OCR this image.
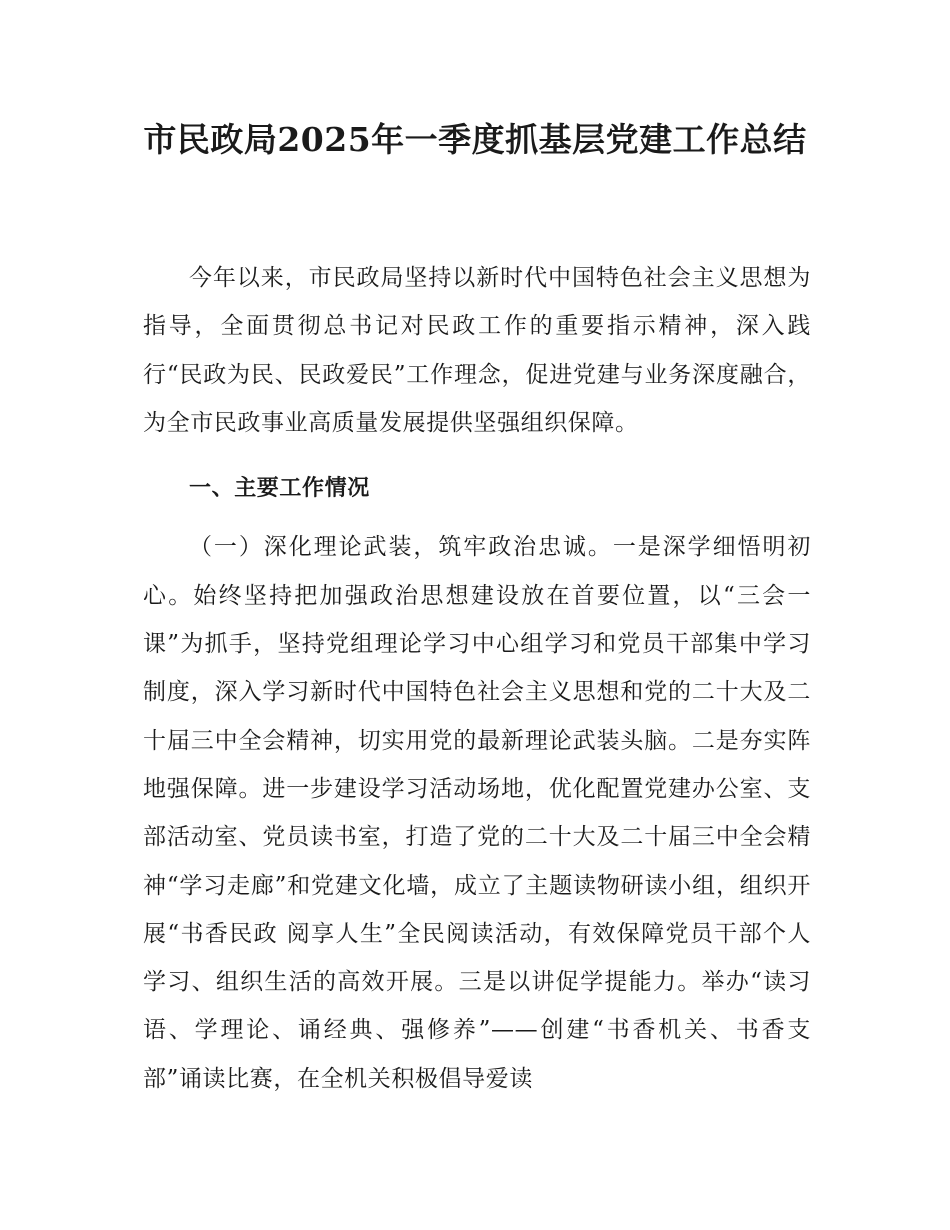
市民政局2025年一季度抓基层党建工作总结

今年以来，市民政局坚持以新时代中国特色社会主义思想为指导，全面贯彻总书记对民政工作的重要指示精神，深入践行“民政为民、民政爱民”工作理念，促进党建与业务深度融合，为全市民政事业高质量发展提供坚强组织保障。

一、主要工作情况

（一）深化理论武装，筑牢政治忠诚。一是深学细悟明初心。始终坚持把加强政治思想建设放在首要位置，以“三会一课”为抓手，坚持党组理论学习中心组学习和党员干部集中学习制度，深入学习新时代中国特色社会主义思想和党的二十大及二十届三中全会精神，切实用党的最新理论武装头脑。二是夯实阵地强保障。进一步建设学习活动场地，优化配置党建办公室、支部活动室、党员读书室，打造了党的二十大及二十届三中全会精神“学习走廊”和党建文化墙，成立了主题读物研读小组，组织开展“书香民政 阅享人生”全民阅读活动，有效保障党员干部个人学习、组织生活的高效开展。三是以讲促学提能力。举办“读习语、学理论、诵经典、强修养”——创建“书香机关、书香支部”诵读比赛，在全机关积极倡导爱读
